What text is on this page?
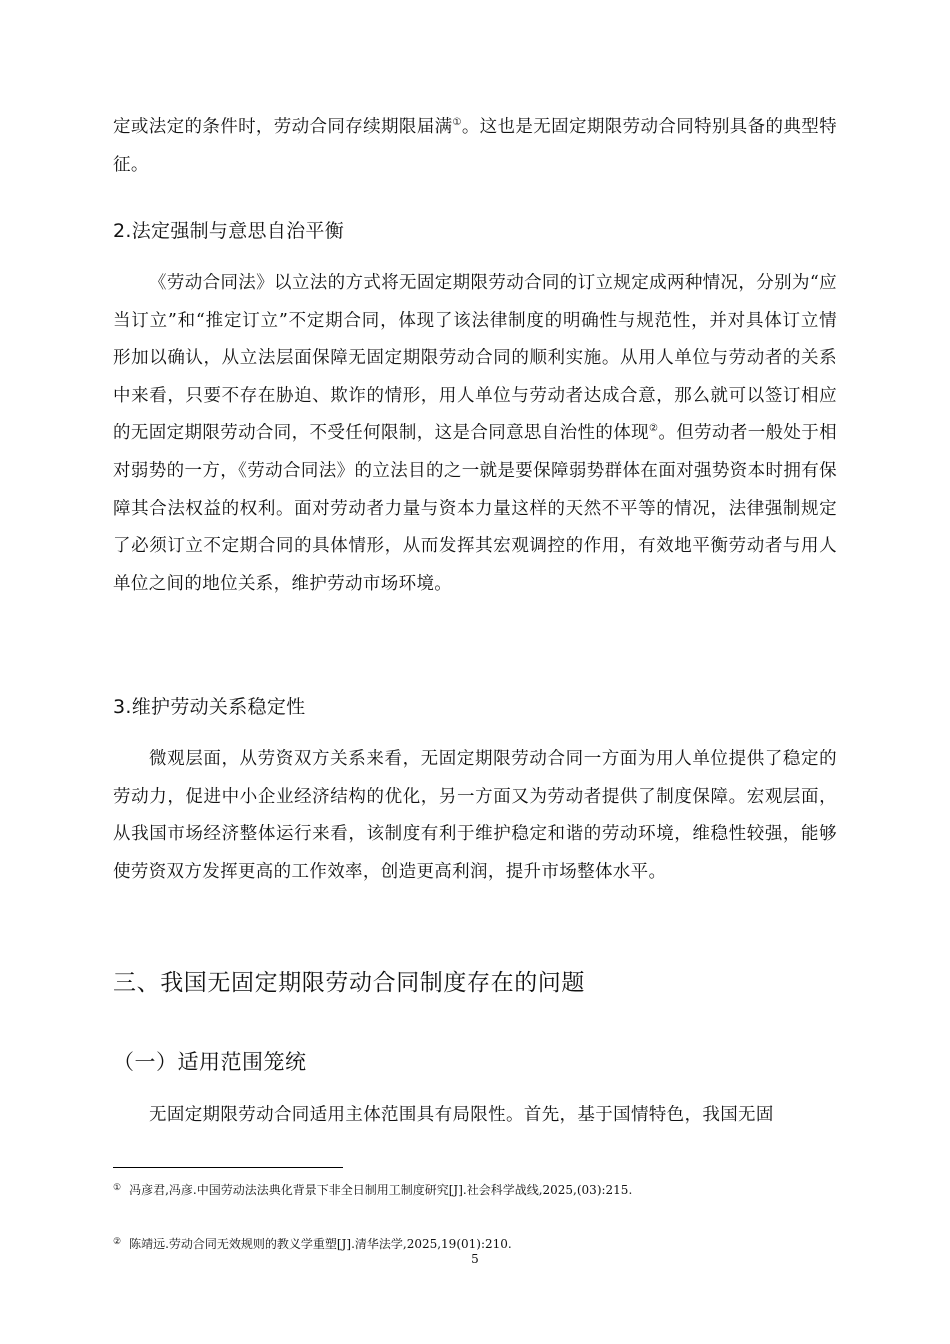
定或法定的条件时，劳动合同存续期限届满①。这也是无固定期限劳动合同特别具备的典型特征。

2.法定强制与意思自治平衡

《劳动合同法》以立法的方式将无固定期限劳动合同的订立规定成两种情况，分别为“应当订立”和“推定订立”不定期合同，体现了该法律制度的明确性与规范性，并对具体订立情形加以确认，从立法层面保障无固定期限劳动合同的顺利实施。从用人单位与劳动者的关系中来看，只要不存在胁迫、欺诈的情形，用人单位与劳动者达成合意，那么就可以签订相应的无固定期限劳动合同，不受任何限制，这是合同意思自治性的体现②。但劳动者一般处于相对弱势的一方，《劳动合同法》的立法目的之一就是要保障弱势群体在面对强势资本时拥有保障其合法权益的权利。面对劳动者力量与资本力量这样的天然不平等的情况，法律强制规定了必须订立不定期合同的具体情形，从而发挥其宏观调控的作用，有效地平衡劳动者与用人单位之间的地位关系，维护劳动市场环境。

3.维护劳动关系稳定性

微观层面，从劳资双方关系来看，无固定期限劳动合同一方面为用人单位提供了稳定的劳动力，促进中小企业经济结构的优化，另一方面又为劳动者提供了制度保障。宏观层面，从我国市场经济整体运行来看，该制度有利于维护稳定和谐的劳动环境，维稳性较强，能够使劳资双方发挥更高的工作效率，创造更高利润，提升市场整体水平。

三、我国无固定期限劳动合同制度存在的问题
（一）适用范围笼统

无固定期限劳动合同适用主体范围具有局限性。首先，基于国情特色，我国无固

① 冯彦君,冯彦.中国劳动法法典化背景下非全日制用工制度研究[J].社会科学战线,2025,(03):215.

② 陈靖远.劳动合同无效规则的教义学重塑[J].清华法学,2025,19(01):210.

5
